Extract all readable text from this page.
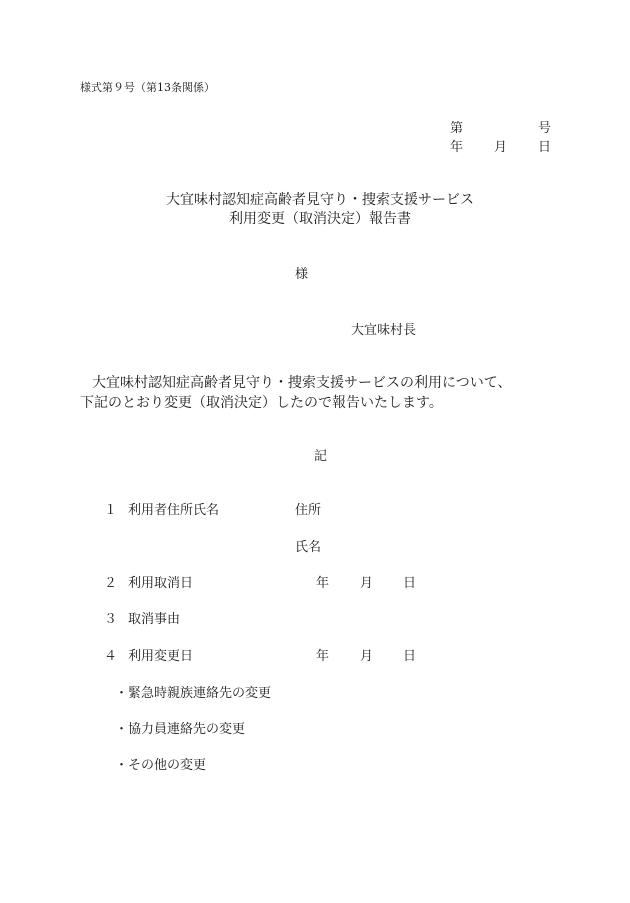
様式第９号（第13条関係）
第	号
年 月 日
大宜味村認知症高齢者見守り・捜索支援サービス
利用変更（取消決定）報告書
様
大宜味村長
大宜味村認知症高齢者見守り・捜索支援サービスの利用について、
下記のとおり変更（取消決定）したので報告いたします。
記
１ 利用者住所氏名	住所
氏名
２ 利用取消日	年 月 日
３ 取消事由
４ 利用変更日	年 月 日
・緊急時親族連絡先の変更
・協力員連絡先の変更
・その他の変更
